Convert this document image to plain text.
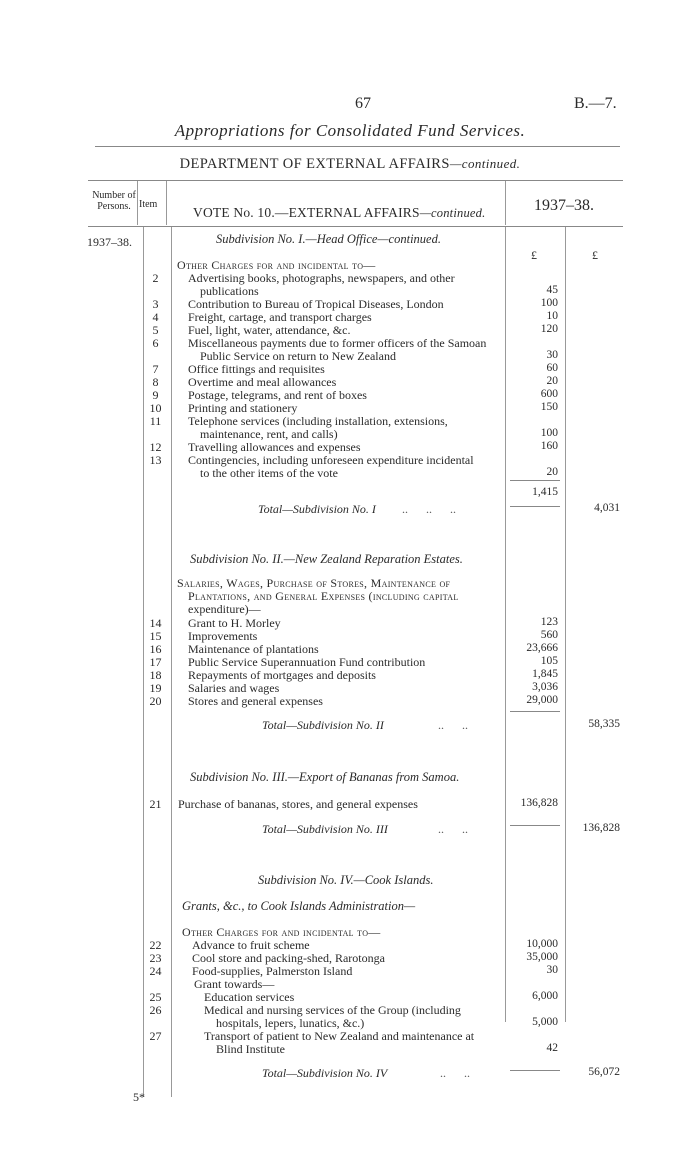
67	B.—7.
Appropriations for Consolidated Fund Services.
DEPARTMENT OF EXTERNAL AFFAIRS—continued.
Number of Persons. Item
VOTE No. 10.—EXTERNAL AFFAIRS—continued.	1937–38.
1937–38.
£	£
Subdivision No. I.—Head Office—continued.
Other Charges for and incidental to—
2	Advertising books, photographs, newspapers, and other
publications	45
3	Contribution to Bureau of Tropical Diseases, London	100
4	Freight, cartage, and transport charges	10
5	Fuel, light, water, attendance, &c.	120
6	Miscellaneous payments due to former officers of the Samoan
Public Service on return to New Zealand	30
7	Office fittings and requisites	60
8	Overtime and meal allowances	20
9	Postage, telegrams, and rent of boxes	600
10	Printing and stationery	150
11	Telephone services (including installation, extensions,
maintenance, rent, and calls)	100
12	Travelling allowances and expenses	160
13	Contingencies, including unforeseen expenditure incidental
to the other items of the vote	20
1,415
Total—Subdivision No. I ..      ..      ..	4,031
Subdivision No. II.—New Zealand Reparation Estates.
Salaries, Wages, Purchase of Stores, Maintenance of
Plantations, and General Expenses (including capital
expenditure)—
14	Grant to H. Morley	123
15	Improvements	560
16	Maintenance of plantations	23,666
17	Public Service Superannuation Fund contribution	105
18	Repayments of mortgages and deposits	1,845
19	Salaries and wages	3,036
20	Stores and general expenses	29,000
Total—Subdivision No. II	..      ..	58,335
Subdivision No. III.—Export of Bananas from Samoa.
21	Purchase of bananas, stores, and general expenses	136,828
Total—Subdivision No. III	..      ..	136,828
Subdivision No. IV.—Cook Islands.
Grants, &c., to Cook Islands Administration—
Other Charges for and incidental to—
22	Advance to fruit scheme	10,000
23	Cool store and packing-shed, Rarotonga	35,000
24	Food-supplies, Palmerston Island	30
Grant towards—
25	Education services	6,000
26	Medical and nursing services of the Group (including
hospitals, lepers, lunatics, &c.)	5,000
27	Transport of patient to New Zealand and maintenance at
Blind Institute	42
Total—Subdivision No. IV	..      ..	56,072
5*
